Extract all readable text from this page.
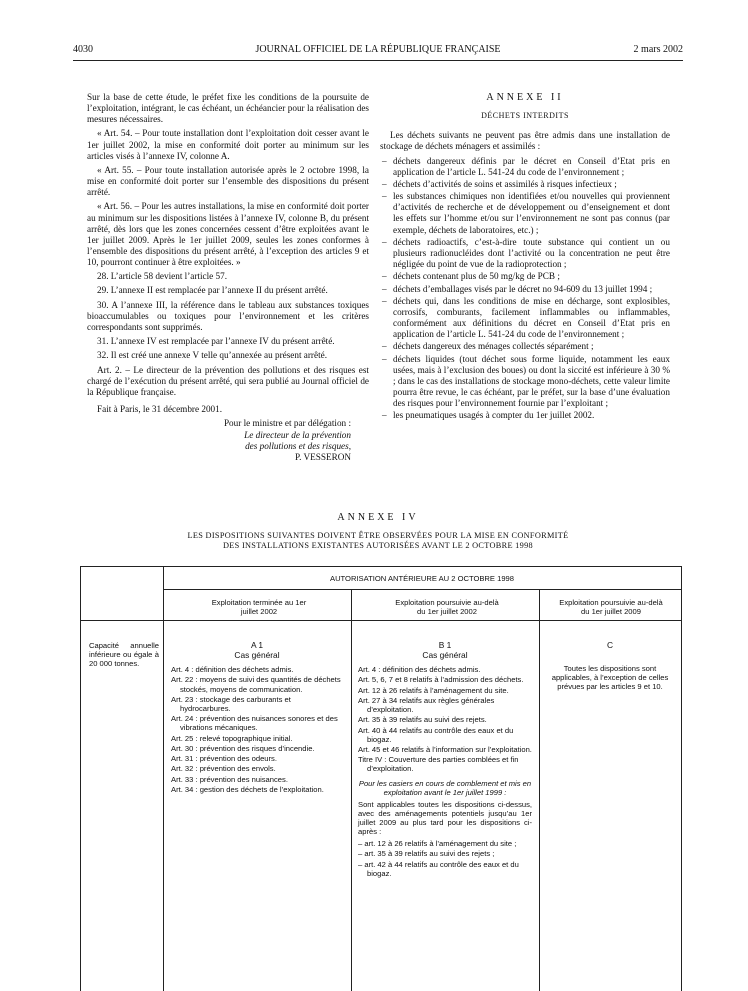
4030	JOURNAL OFFICIEL DE LA RÉPUBLIQUE FRANÇAISE	2 mars 2002

Sur la base de cette étude, le préfet fixe les conditions de la poursuite de l’exploitation, intégrant, le cas échéant, un échéancier pour la réalisation des mesures nécessaires.

« Art. 54. – Pour toute installation dont l’exploitation doit cesser avant le 1er juillet 2002, la mise en conformité doit porter au minimum sur les articles visés à l’annexe IV, colonne A.

« Art. 55. – Pour toute installation autorisée après le 2 octobre 1998, la mise en conformité doit porter sur l’ensemble des dispositions du présent arrêté.

« Art. 56. – Pour les autres installations, la mise en conformité doit porter au minimum sur les dispositions listées à l’annexe IV, colonne B, du présent arrêté, dès lors que les zones concernées cessent d’être exploitées avant le 1er juillet 2009. Après le 1er juillet 2009, seules les zones conformes à l’ensemble des dispositions du présent arrêté, à l’exception des articles 9 et 10, pourront continuer à être exploitées. »

28. L’article 58 devient l’article 57.

29. L’annexe II est remplacée par l’annexe II du présent arrêté.

30. A l’annexe III, la référence dans le tableau aux substances toxiques bioaccumulables ou toxiques pour l’environnement et les critères correspondants sont supprimés.

31. L’annexe IV est remplacée par l’annexe IV du présent arrêté.

32. Il est créé une annexe V telle qu’annexée au présent arrêté.

Art. 2. – Le directeur de la prévention des pollutions et des risques est chargé de l’exécution du présent arrêté, qui sera publié au Journal officiel de la République française.

Fait à Paris, le 31 décembre 2001.

Pour le ministre et par délégation :
Le directeur de la prévention
des pollutions et des risques,
P. VESSERON
ANNEXE II
DÉCHETS INTERDITS

Les déchets suivants ne peuvent pas être admis dans une installation de stockage de déchets ménagers et assimilés :

– déchets dangereux définis par le décret en Conseil d’Etat pris en application de l’article L. 541-24 du code de l’environnement ;
– déchets d’activités de soins et assimilés à risques infectieux ;
– les substances chimiques non identifiées et/ou nouvelles qui proviennent d’activités de recherche et de développement ou d’enseignement et dont les effets sur l’homme et/ou sur l’environnement ne sont pas connus (par exemple, déchets de laboratoires, etc.) ;
– déchets radioactifs, c’est-à-dire toute substance qui contient un ou plusieurs radionucléides dont l’activité ou la concentration ne peut être négligée du point de vue de la radioprotection ;
– déchets contenant plus de 50 mg/kg de PCB ;
– déchets d’emballages visés par le décret no 94-609 du 13 juillet 1994 ;
– déchets qui, dans les conditions de mise en décharge, sont explosibles, corrosifs, comburants, facilement inflammables ou inflammables, conformément aux définitions du décret en Conseil d’Etat pris en application de l’article L. 541-24 du code de l’environnement ;
– déchets dangereux des ménages collectés séparément ;
– déchets liquides (tout déchet sous forme liquide, notamment les eaux usées, mais à l’exclusion des boues) ou dont la siccité est inférieure à 30 % ; dans le cas des installations de stockage mono-déchets, cette valeur limite pourra être revue, le cas échéant, par le préfet, sur la base d’une évaluation des risques pour l’environnement fournie par l’exploitant ;
– les pneumatiques usagés à compter du 1er juillet 2002.
ANNEXE IV
LES DISPOSITIONS SUIVANTES DOIVENT ÊTRE OBSERVÉES POUR LA MISE EN CONFORMITÉ
DES INSTALLATIONS EXISTANTES AUTORISÉES AVANT LE 2 OCTOBRE 1998
AUTORISATION ANTÉRIEURE AU 2 OCTOBRE 1998
Exploitation terminée au 1er juillet 2002
Exploitation poursuivie au-delà du 1er juillet 2002
Exploitation poursuivie au-delà du 1er juillet 2009
Capacité annuelle inférieure ou égale à 20 000 tonnes.
A 1
Cas général
Art. 4 : définition des déchets admis.
Art. 22 : moyens de suivi des quantités de déchets stockés, moyens de communication.
Art. 23 : stockage des carburants et hydrocarbures.
Art. 24 : prévention des nuisances sonores et des vibrations mécaniques.
Art. 25 : relevé topographique initial.
Art. 30 : prévention des risques d’incendie.
Art. 31 : prévention des odeurs.
Art. 32 : prévention des envols.
Art. 33 : prévention des nuisances.
Art. 34 : gestion des déchets de l’exploitation.
B 1
Cas général
Art. 4 : définition des déchets admis.
Art. 5, 6, 7 et 8 relatifs à l’admission des déchets.
Art. 12 à 26 relatifs à l’aménagement du site.
Art. 27 à 34 relatifs aux règles générales d’exploitation.
Art. 35 à 39 relatifs au suivi des rejets.
Art. 40 à 44 relatifs au contrôle des eaux et du biogaz.
Art. 45 et 46 relatifs à l’information sur l’exploitation.
Titre IV : Couverture des parties comblées et fin d’exploitation.
Pour les casiers en cours de comblement et mis en exploitation avant le 1er juillet 1999 :
Sont applicables toutes les dispositions ci-dessus, avec des aménagements potentiels jusqu’au 1er juillet 2009 au plus tard pour les dispositions ci-après :
– art. 12 à 26 relatifs à l’aménagement du site ;
– art. 35 à 39 relatifs au suivi des rejets ;
– art. 42 à 44 relatifs au contrôle des eaux et du biogaz.
C
Toutes les dispositions sont applicables, à l’exception de celles prévues par les articles 9 et 10.
